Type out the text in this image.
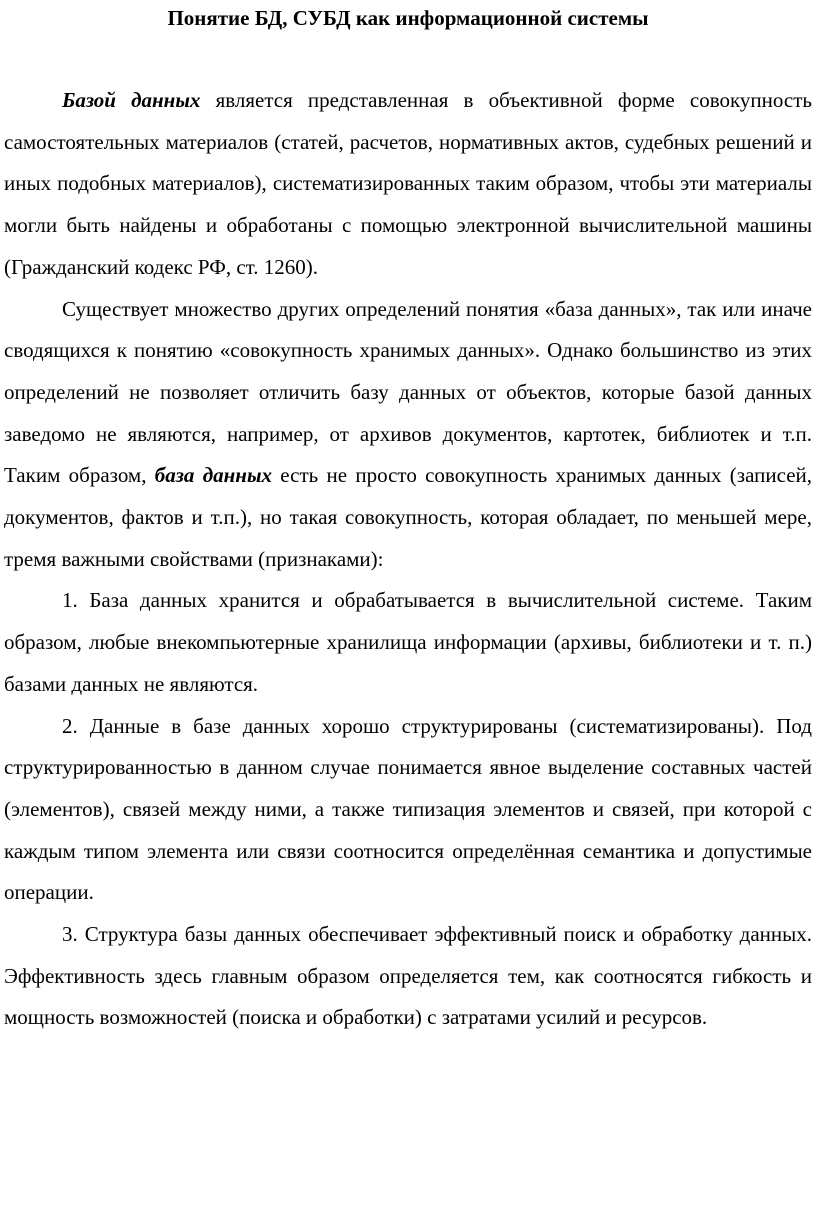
Понятие БД, СУБД как информационной системы

Базой данных является представленная в объективной форме совокупность самостоятельных материалов (статей, расчетов, нормативных актов, судебных решений и иных подобных материалов), систематизированных таким образом, чтобы эти материалы могли быть найдены и обработаны с помощью электронной вычислительной машины (Гражданский кодекс РФ, ст. 1260).

Существует множество других определений понятия «база данных», так или иначе сводящихся к понятию «совокупность хранимых данных». Однако большинство из этих определений не позволяет отличить базу данных от объектов, которые базой данных заведомо не являются, например, от архивов документов, картотек, библиотек и т.п. Таким образом, база данных есть не просто совокупность хранимых данных (записей, документов, фактов и т.п.), но такая совокупность, которая обладает, по меньшей мере, тремя важными свойствами (признаками):

1. База данных хранится и обрабатывается в вычислительной системе. Таким образом, любые внекомпьютерные хранилища информации (архивы, библиотеки и т. п.) базами данных не являются.

2. Данные в базе данных хорошо структурированы (систематизированы). Под структурированностью в данном случае понимается явное выделение составных частей (элементов), связей между ними, а также типизация элементов и связей, при которой с каждым типом элемента или связи соотносится определённая семантика и допустимые операции.

3. Структура базы данных обеспечивает эффективный поиск и обработку данных. Эффективность здесь главным образом определяется тем, как соотносятся гибкость и мощность возможностей (поиска и обработки) с затратами усилий и ресурсов.
